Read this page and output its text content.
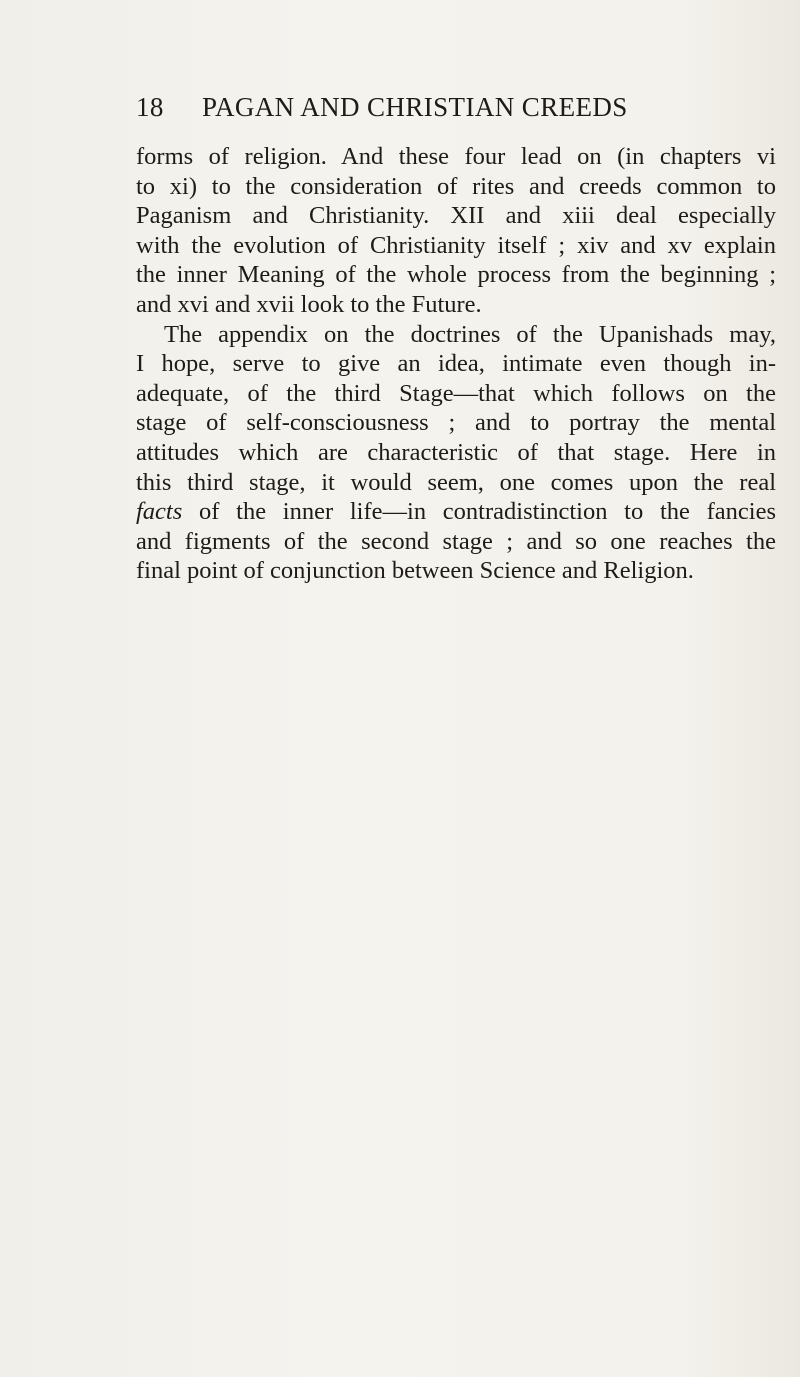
18 PAGAN AND CHRISTIAN CREEDS
forms of religion. And these four lead on (in chapters vi
to xi) to the consideration of rites and creeds common to
Paganism and Christianity. XII and xiii deal especially
with the evolution of Christianity itself ; xiv and xv explain
the inner Meaning of the whole process from the beginning ;
and xvi and xvii look to the Future.
The appendix on the doctrines of the Upanishads may,
I hope, serve to give an idea, intimate even though in-
adequate, of the third Stage—that which follows on the
stage of self-consciousness ; and to portray the mental
attitudes which are characteristic of that stage. Here in
this third stage, it would seem, one comes upon the real
facts of the inner life—in contradistinction to the fancies
and figments of the second stage ; and so one reaches the
final point of conjunction between Science and Religion.
